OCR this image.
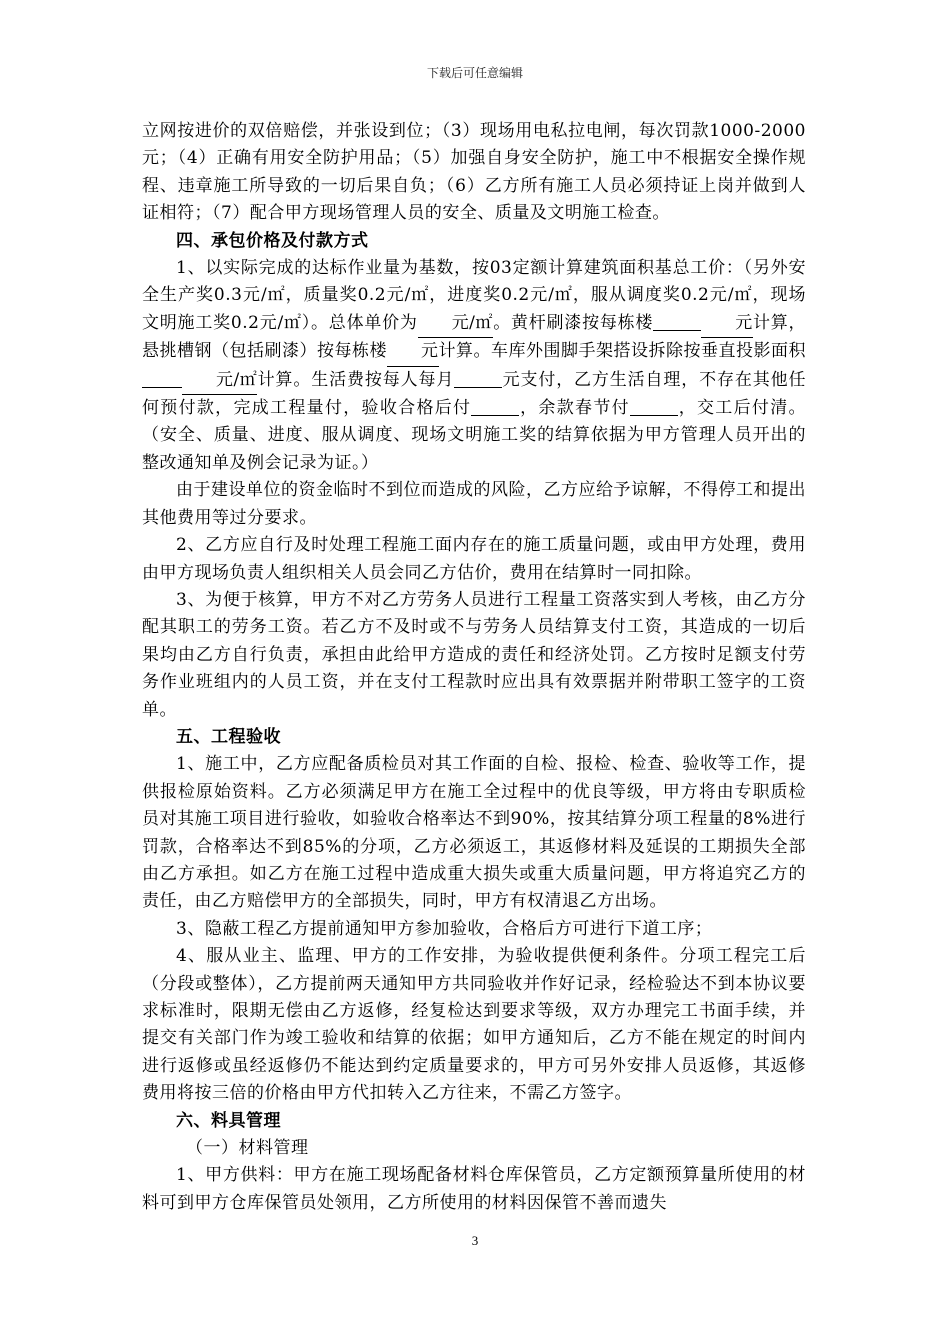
下载后可任意编辑

立网按进价的双倍赔偿，并张设到位；（3）现场用电私拉电闸，每次罚款1000-2000元；（4）正确有用安全防护用品；（5）加强自身安全防护，施工中不根据安全操作规程、违章施工所导致的一切后果自负；（6）乙方所有施工人员必须持证上岗并做到人证相符；（7）配合甲方现场管理人员的安全、质量及文明施工检查。

四、承包价格及付款方式

1、以实际完成的达标作业量为基数，按03定额计算建筑面积基总工价：（另外安全生产奖0.3元/㎡，质量奖0.2元/㎡，进度奖0.2元/㎡，服从调度奖0.2元/㎡，现场文明施工奖0.2元/㎡）。总体单价为 元/㎡。黄杆刷漆按每栋楼	元计算，悬挑槽钢（包括刷漆）按每栋楼 元计算。车库外围脚手架搭设拆除按垂直投影面积元/㎡计算。生活费按每人每月	元支付，乙方生活自理，不存在其他任何预付款，完成工程量付，验收合格后付	，余款春节付	，交工后付清。（安全、质量、进度、服从调度、现场文明施工奖的结算依据为甲方管理人员开出的整改通知单及例会记录为证。）

由于建设单位的资金临时不到位而造成的风险，乙方应给予谅解，不得停工和提出其他费用等过分要求。

2、乙方应自行及时处理工程施工面内存在的施工质量问题，或由甲方处理，费用由甲方现场负责人组织相关人员会同乙方估价，费用在结算时一同扣除。

3、为便于核算，甲方不对乙方劳务人员进行工程量工资落实到人考核，由乙方分配其职工的劳务工资。若乙方不及时或不与劳务人员结算支付工资，其造成的一切后果均由乙方自行负责，承担由此给甲方造成的责任和经济处罚。乙方按时足额支付劳务作业班组内的人员工资，并在支付工程款时应出具有效票据并附带职工签字的工资单。

五、工程验收

1、施工中，乙方应配备质检员对其工作面的自检、报检、检查、验收等工作，提供报检原始资料。乙方必须满足甲方在施工全过程中的优良等级，甲方将由专职质检员对其施工项目进行验收，如验收合格率达不到90%，按其结算分项工程量的8%进行罚款，合格率达不到85%的分项，乙方必须返工，其返修材料及延误的工期损失全部由乙方承担。如乙方在施工过程中造成重大损失或重大质量问题，甲方将追究乙方的责任，由乙方赔偿甲方的全部损失，同时，甲方有权清退乙方出场。

3、隐蔽工程乙方提前通知甲方参加验收，合格后方可进行下道工序；

4、服从业主、监理、甲方的工作安排，为验收提供便利条件。分项工程完工后（分段或整体），乙方提前两天通知甲方共同验收并作好记录，经检验达不到本协议要求标准时，限期无偿由乙方返修，经复检达到要求等级，双方办理完工书面手续，并提交有关部门作为竣工验收和结算的依据；如甲方通知后，乙方不能在规定的时间内进行返修或虽经返修仍不能达到约定质量要求的，甲方可另外安排人员返修，其返修费用将按三倍的价格由甲方代扣转入乙方往来，不需乙方签字。

六、料具管理

（一）材料管理

1、甲方供料：甲方在施工现场配备材料仓库保管员，乙方定额预算量所使用的材料可到甲方仓库保管员处领用，乙方所使用的材料因保管不善而遗失

3
